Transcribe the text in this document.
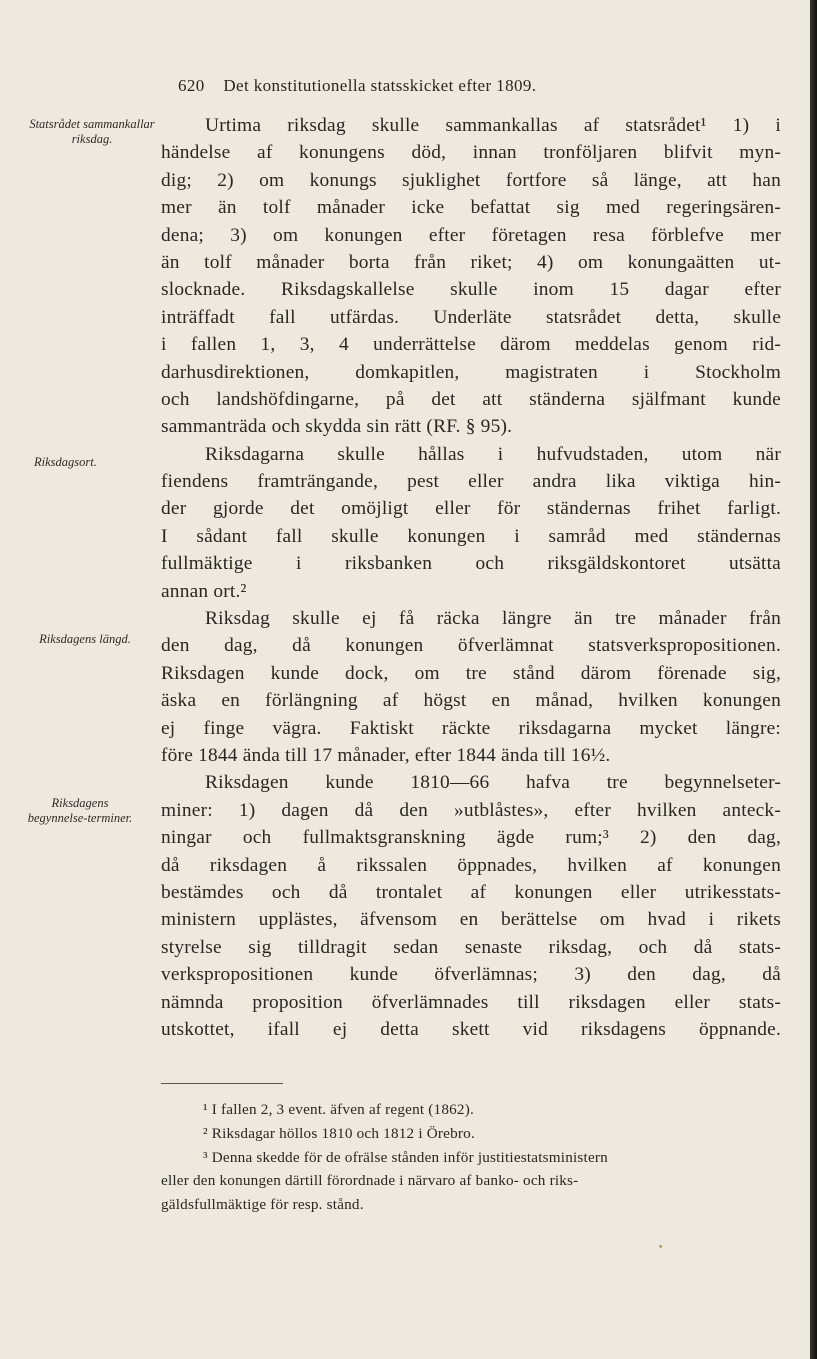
620 Det konstitutionella statsskicket efter 1809.
Statsrådet sammankallar riksdag.
Riksdagsort.
Riksdagens längd.
Riksdagens begynnelse-terminer.
Urtima riksdag skulle sammankallas af statsrådet¹ 1) i
händelse af konungens död, innan tronföljaren blifvit myn-
dig; 2) om konungs sjuklighet fortfore så länge, att han
mer än tolf månader icke befattat sig med regeringsären-
dena; 3) om konungen efter företagen resa förblefve mer
än tolf månader borta från riket; 4) om konungaätten ut-
slocknade. Riksdagskallelse skulle inom 15 dagar efter
inträffadt fall utfärdas. Underläte statsrådet detta, skulle
i fallen 1, 3, 4 underrättelse därom meddelas genom rid-
darhusdirektionen, domkapitlen, magistraten i Stockholm
och landshöfdingarne, på det att ständerna själfmant kunde
sammanträda och skydda sin rätt (RF. § 95).
Riksdagarna skulle hållas i hufvudstaden, utom när
fiendens framträngande, pest eller andra lika viktiga hin-
der gjorde det omöjligt eller för ständernas frihet farligt.
I sådant fall skulle konungen i samråd med ständernas
fullmäktige i riksbanken och riksgäldskontoret utsätta
annan ort.²
Riksdag skulle ej få räcka längre än tre månader från
den dag, då konungen öfverlämnat statsverkspropositionen.
Riksdagen kunde dock, om tre stånd därom förenade sig,
äska en förlängning af högst en månad, hvilken konungen
ej finge vägra. Faktiskt räckte riksdagarna mycket längre:
före 1844 ända till 17 månader, efter 1844 ända till 16½.
Riksdagen kunde 1810—66 hafva tre begynnelseter-
miner: 1) dagen då den »utblåstes», efter hvilken anteck-
ningar och fullmaktsgranskning ägde rum;³ 2) den dag,
då riksdagen å rikssalen öppnades, hvilken af konungen
bestämdes och då trontalet af konungen eller utrikesstats-
ministern upplästes, äfvensom en berättelse om hvad i rikets
styrelse sig tilldragit sedan senaste riksdag, och då stats-
verkspropositionen kunde öfverlämnas; 3) den dag, då
nämnda proposition öfverlämnades till riksdagen eller stats-
utskottet, ifall ej detta skett vid riksdagens öppnande.
¹ I fallen 2, 3 event. äfven af regent (1862).
² Riksdagar höllos 1810 och 1812 i Örebro.
³ Denna skedde för de ofrälse stånden inför justitiestatsministern
eller den konungen därtill förordnade i närvaro af banko- och riks-
gäldsfullmäktige för resp. stånd.
•
